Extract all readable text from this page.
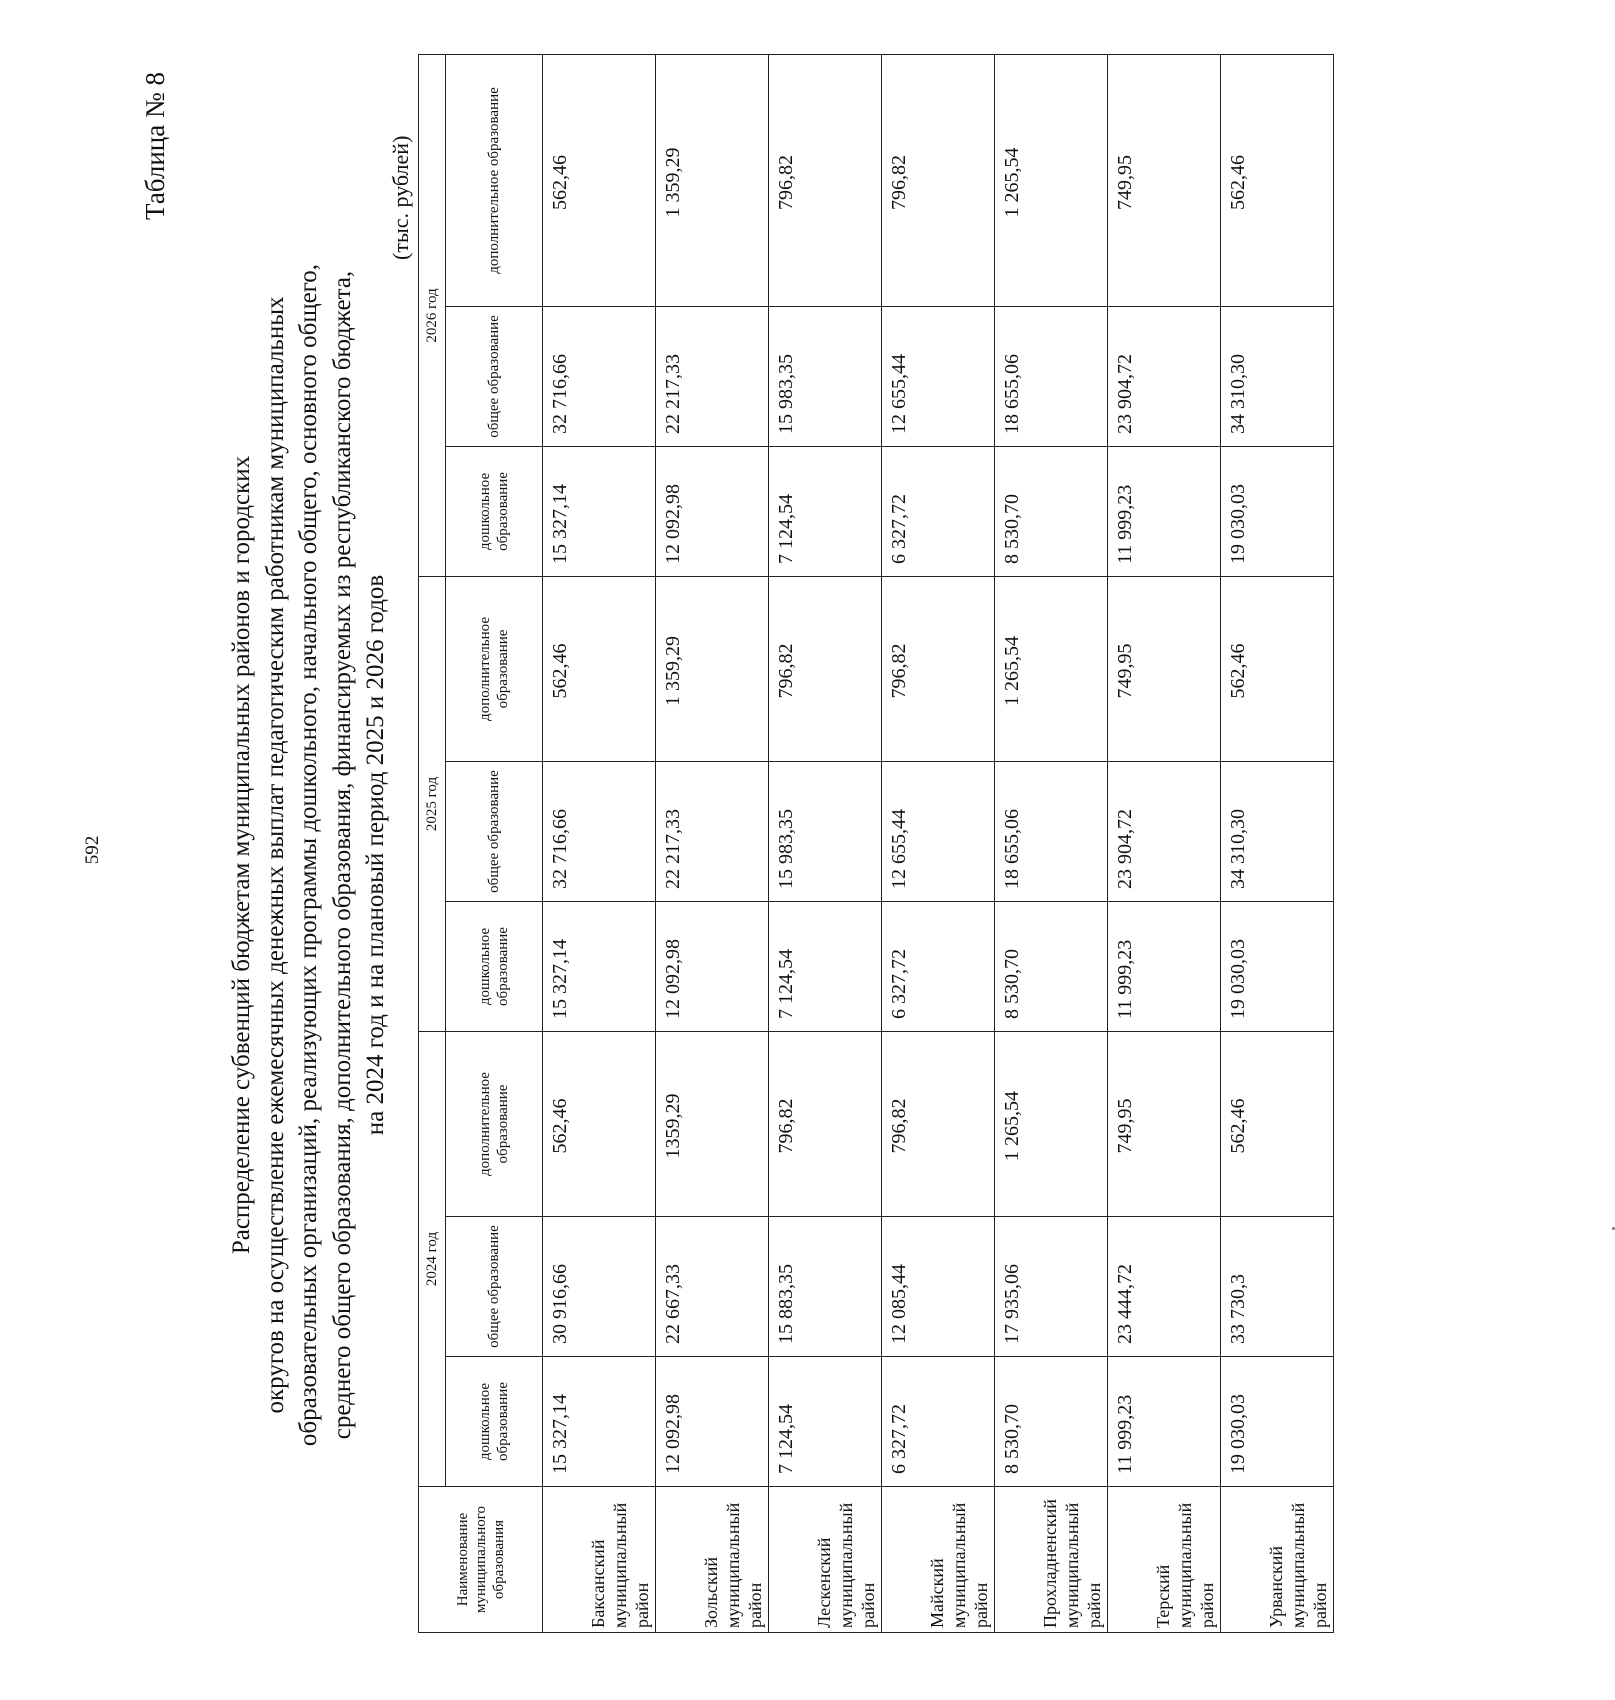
592
Таблица № 8
Распределение субвенций бюджетам муниципальных районов и городских округов на осуществление ежемесячных денежных выплат педагогическим работникам муниципальных образовательных организаций, реализующих программы дошкольного, начального общего, основного общего, среднего общего образования, дополнительного образования, финансируемых из республиканского бюджета, на 2024 год и на плановый период 2025 и 2026 годов
(тыс. рублей)
Наименование муниципального образования	2024 год			2025 год			2026 год		
	дошкольное образование	общее образование	дополнительное образование	дошкольное образование	общее образование	дополнительное образование	дошкольное образование	общее образование	дополнительное образование
Баксанский муниципальный район	15 327,14	30 916,66	562,46	15 327,14	32 716,66	562,46	15 327,14	32 716,66	562,46
Зольский муниципальный район	12 092,98	22 667,33	1359,29	12 092,98	22 217,33	1 359,29	12 092,98	22 217,33	1 359,29
Лескенский муниципальный район	7 124,54	15 883,35	796,82	7 124,54	15 983,35	796,82	7 124,54	15 983,35	796,82
Майский муниципальный район	6 327,72	12 085,44	796,82	6 327,72	12 655,44	796,82	6 327,72	12 655,44	796,82
Прохладненский муниципальный район	8 530,70	17 935,06	1 265,54	8 530,70	18 655,06	1 265,54	8 530,70	18 655,06	1 265,54
Терский муниципальный район	11 999,23	23 444,72	749,95	11 999,23	23 904,72	749,95	11 999,23	23 904,72	749,95
Урванский муниципальный район	19 030,03	33 730,3	562,46	19 030,03	34 310,30	562,46	19 030,03	34 310,30	562,46
